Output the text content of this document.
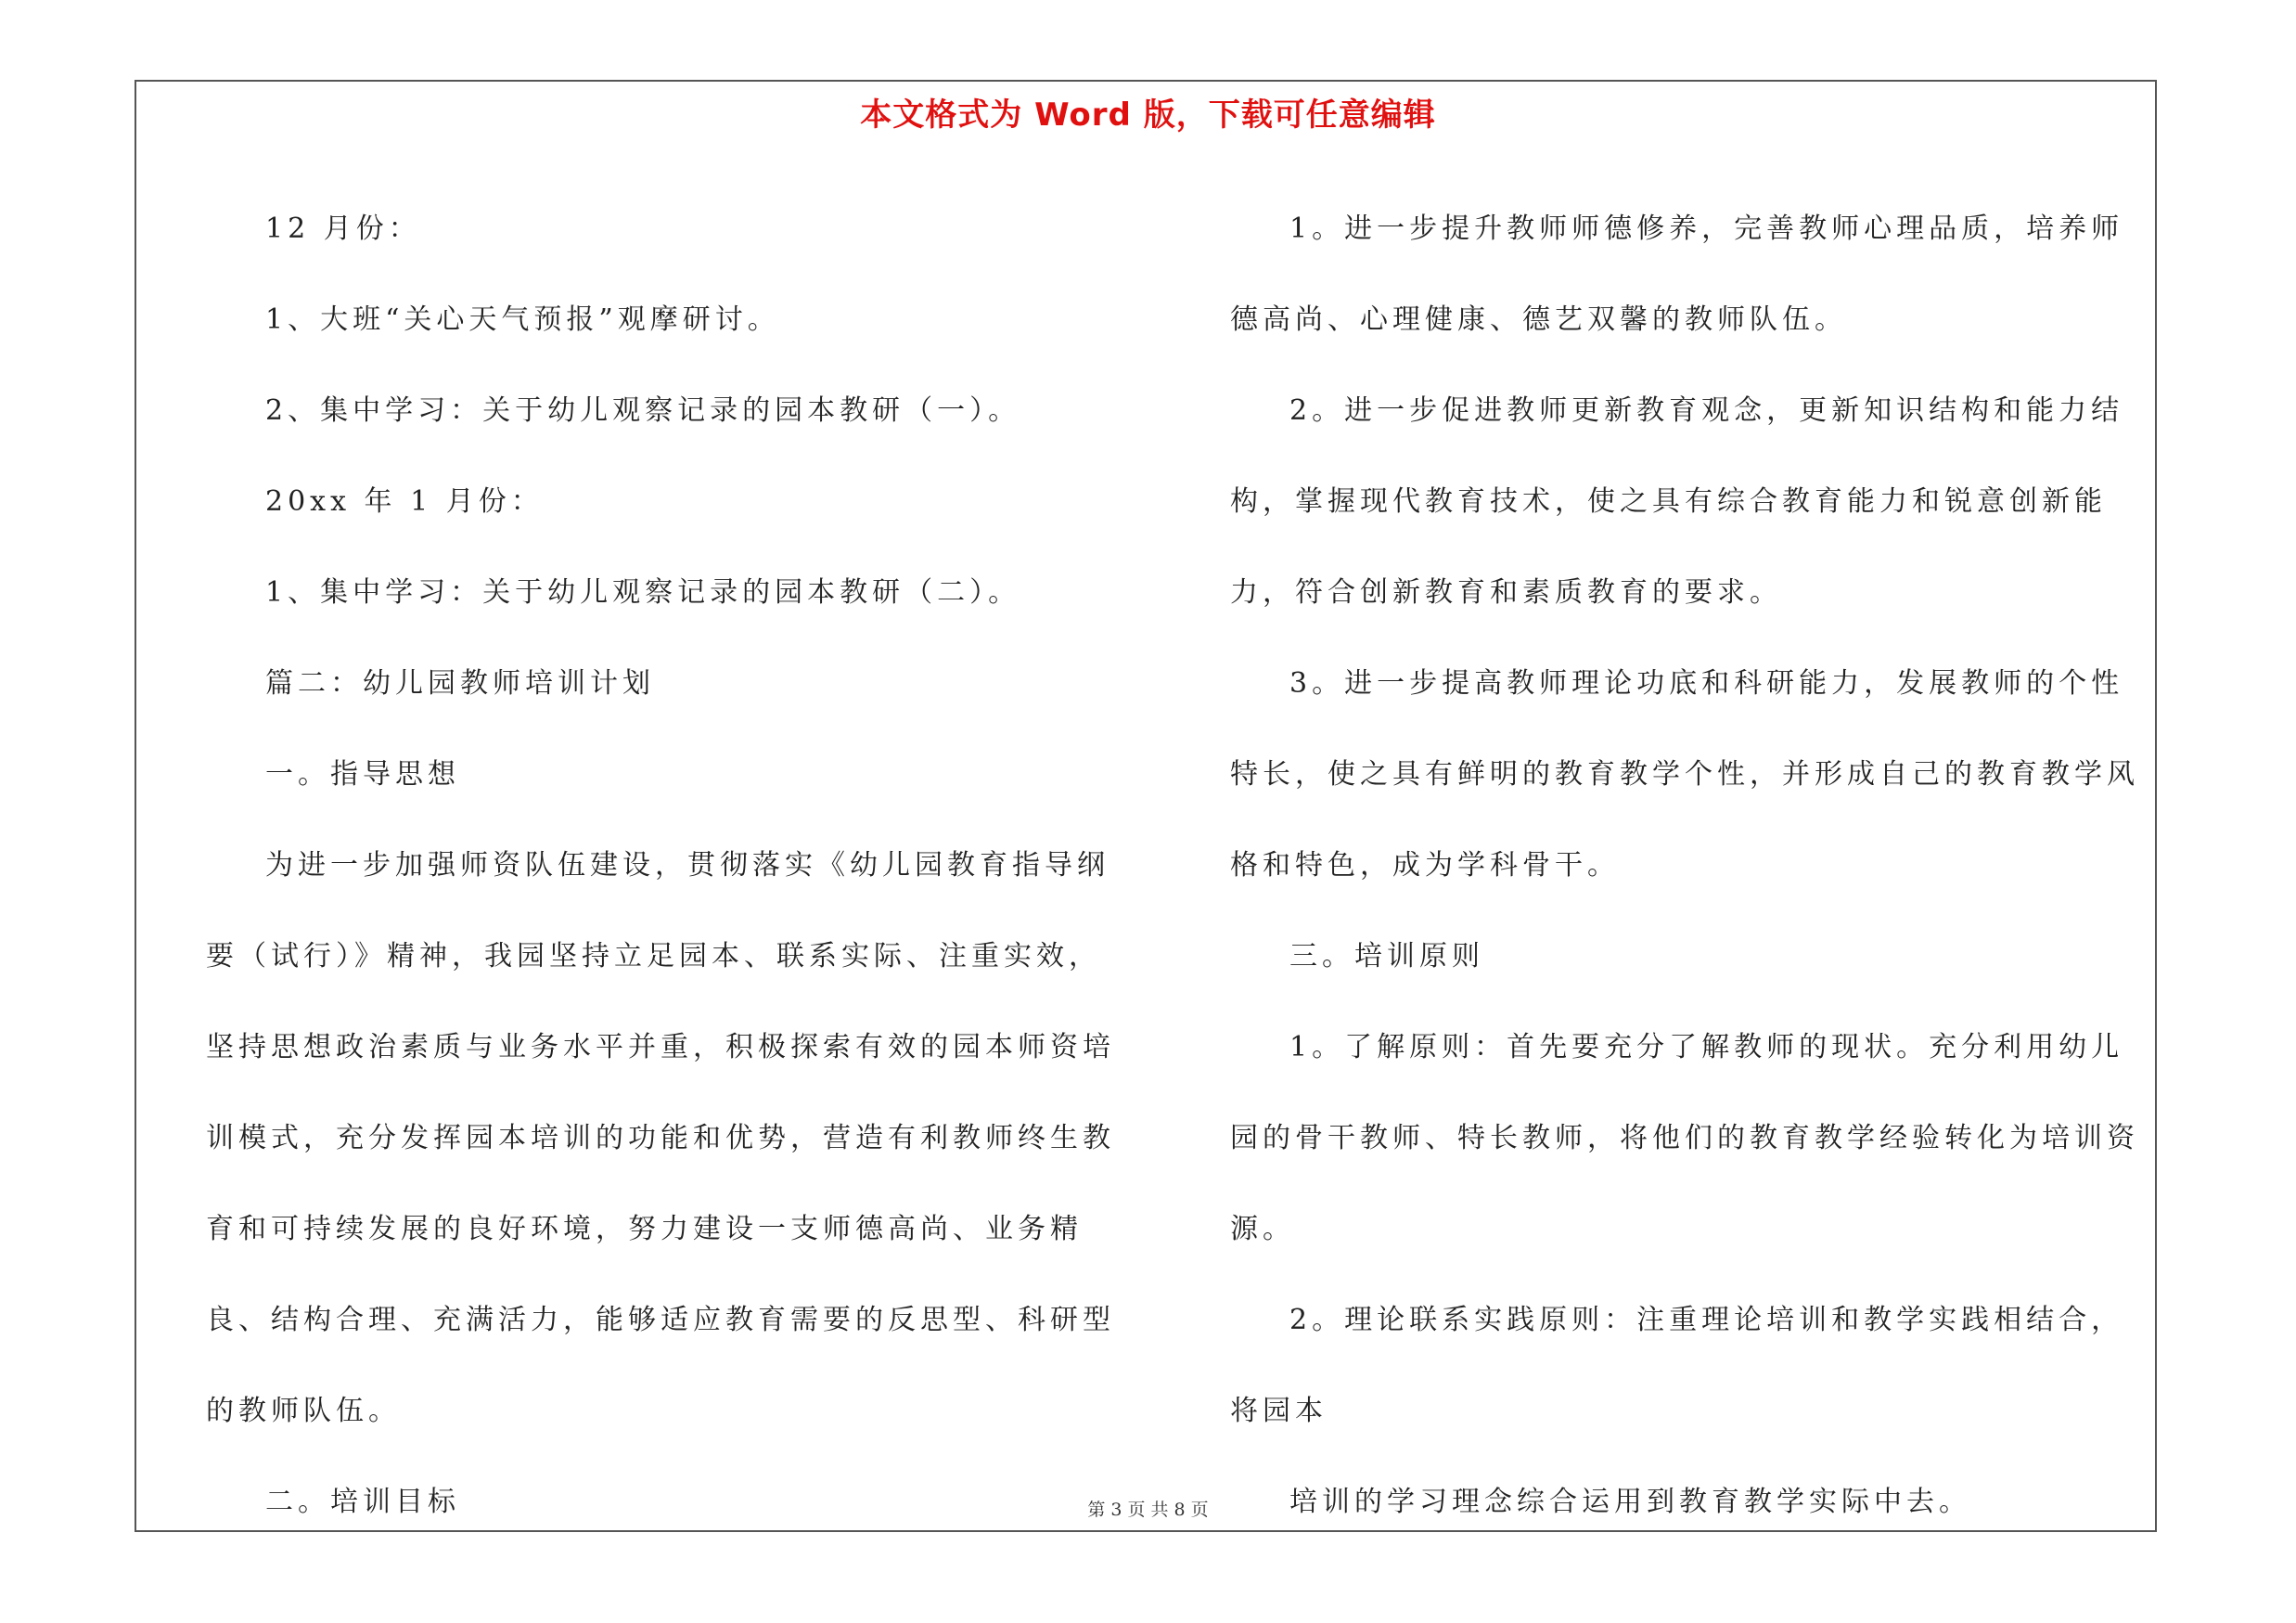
本文格式为 Word 版，下载可任意编辑

12 月份：

1、大班“关心天气预报”观摩研讨。

2、集中学习：关于幼儿观察记录的园本教研（一）。

20xx 年 1 月份：

1、集中学习：关于幼儿观察记录的园本教研（二）。

篇二：幼儿园教师培训计划

一。指导思想

为进一步加强师资队伍建设，贯彻落实《幼儿园教育指导纲要（试行）》精神，我园坚持立足园本、联系实际、注重实效，坚持思想政治素质与业务水平并重，积极探索有效的园本师资培训模式，充分发挥园本培训的功能和优势，营造有利教师终生教育和可持续发展的良好环境，努力建设一支师德高尚、业务精良、结构合理、充满活力，能够适应教育需要的反思型、科研型的教师队伍。

二。培训目标

1。进一步提升教师师德修养，完善教师心理品质，培养师德高尚、心理健康、德艺双馨的教师队伍。

2。进一步促进教师更新教育观念，更新知识结构和能力结构，掌握现代教育技术，使之具有综合教育能力和锐意创新能力，符合创新教育和素质教育的要求。

3。进一步提高教师理论功底和科研能力，发展教师的个性特长，使之具有鲜明的教育教学个性，并形成自己的教育教学风格和特色，成为学科骨干。

三。培训原则

1。了解原则：首先要充分了解教师的现状。充分利用幼儿园的骨干教师、特长教师，将他们的教育教学经验转化为培训资源。

2。理论联系实践原则：注重理论培训和教学实践相结合，将园本

培训的学习理念综合运用到教育教学实际中去。

第 3 页 共 8 页
